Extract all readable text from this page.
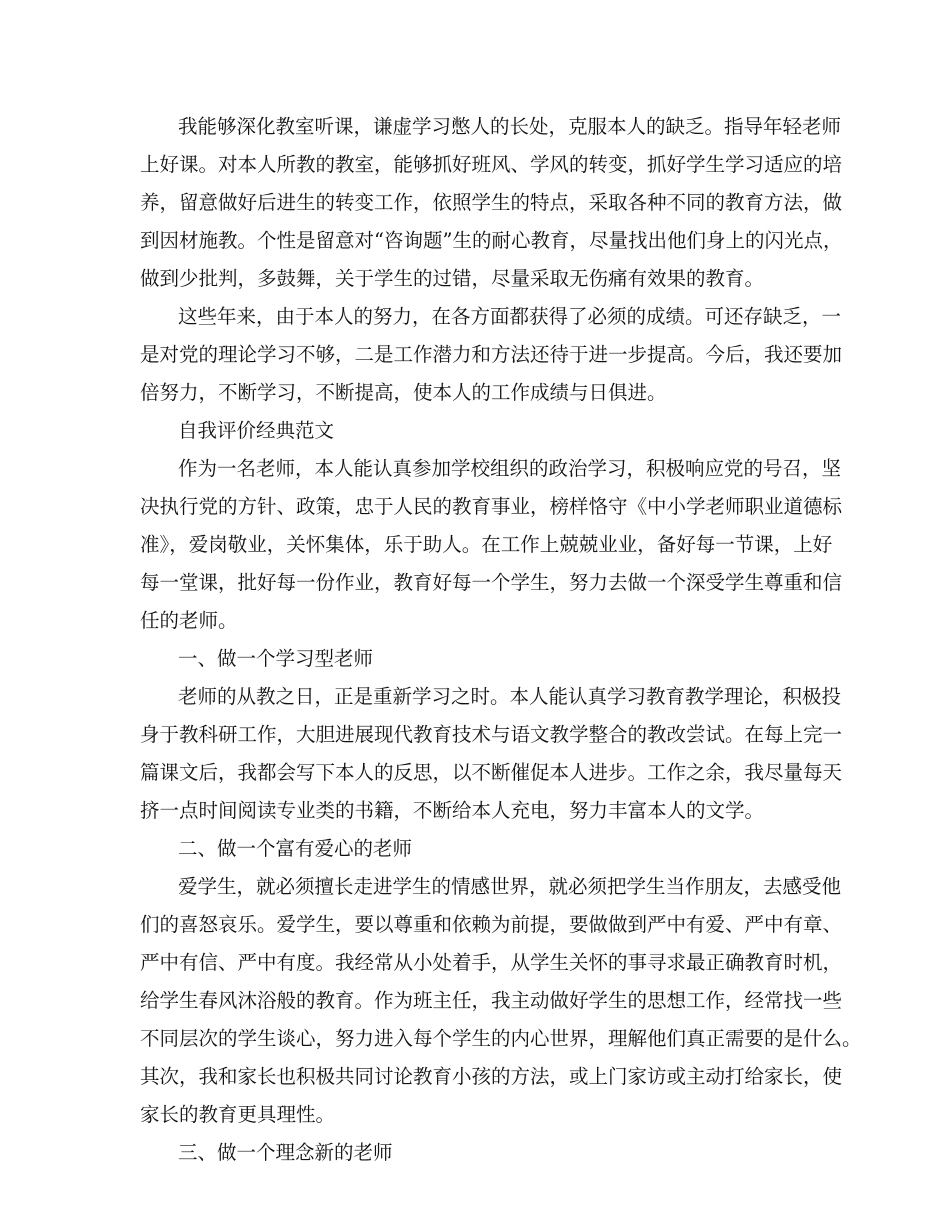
我能够深化教室听课，谦虚学习憋人的长处，克服本人的缺乏。指导年轻老师

上好课。对本人所教的教室，能够抓好班风、学风的转变，抓好学生学习适应的培

养，留意做好后进生的转变工作，依照学生的特点，采取各种不同的教育方法，做

到因材施教。个性是留意对“咨询题”生的耐心教育，尽量找出他们身上的闪光点，

做到少批判，多鼓舞，关于学生的过错，尽量采取无伤痛有效果的教育。

这些年来，由于本人的努力，在各方面都获得了必须的成绩。可还存缺乏，一

是对党的理论学习不够，二是工作潜力和方法还待于进一步提高。今后，我还要加

倍努力，不断学习，不断提高，使本人的工作成绩与日俱进。

自我评价经典范文

作为一名老师，本人能认真参加学校组织的政治学习，积极响应党的号召，坚

决执行党的方针、政策，忠于人民的教育事业，榜样恪守《中小学老师职业道德标

准》，爱岗敬业，关怀集体，乐于助人。在工作上兢兢业业，备好每一节课，上好

每一堂课，批好每一份作业，教育好每一个学生，努力去做一个深受学生尊重和信

任的老师。

一、做一个学习型老师

老师的从教之日，正是重新学习之时。本人能认真学习教育教学理论，积极投

身于教科研工作，大胆进展现代教育技术与语文教学整合的教改尝试。在每上完一

篇课文后，我都会写下本人的反思，以不断催促本人进步。工作之余，我尽量每天

挤一点时间阅读专业类的书籍，不断给本人充电，努力丰富本人的文学。

二、做一个富有爱心的老师

爱学生，就必须擅长走进学生的情感世界，就必须把学生当作朋友，去感受他

们的喜怒哀乐。爱学生，要以尊重和依赖为前提，要做做到严中有爱、严中有章、

严中有信、严中有度。我经常从小处着手，从学生关怀的事寻求最正确教育时机，

给学生春风沐浴般的教育。作为班主任，我主动做好学生的思想工作，经常找一些

不同层次的学生谈心，努力进入每个学生的内心世界，理解他们真正需要的是什么。

其次，我和家长也积极共同讨论教育小孩的方法，或上门家访或主动打给家长，使

家长的教育更具理性。

三、做一个理念新的老师
